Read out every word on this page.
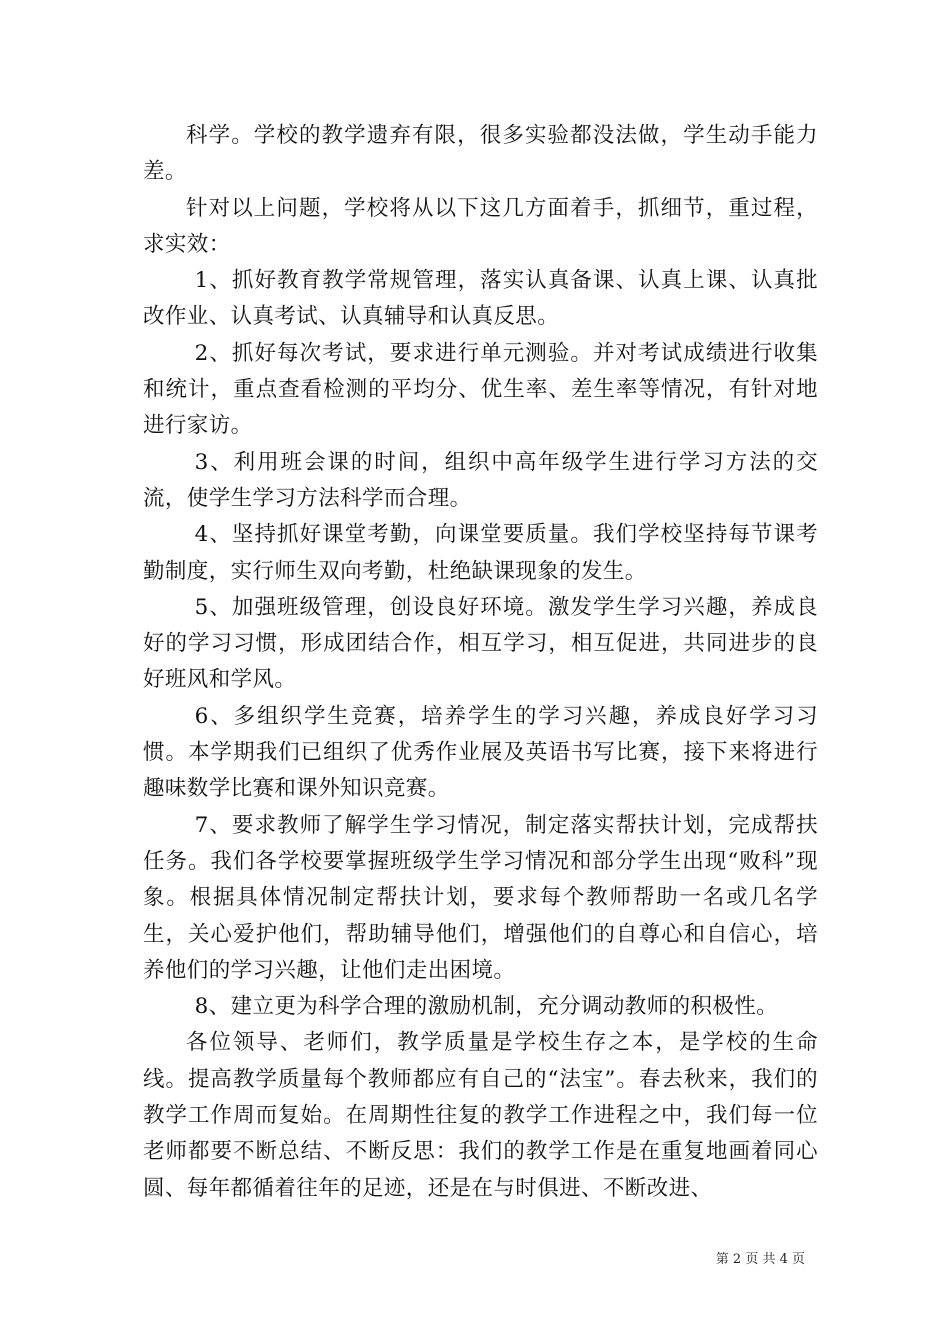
科学。学校的教学遗弃有限，很多实验都没法做，学生动手能力差。

针对以上问题，学校将从以下这几方面着手，抓细节，重过程，求实效：

1、抓好教育教学常规管理，落实认真备课、认真上课、认真批改作业、认真考试、认真辅导和认真反思。

2、抓好每次考试，要求进行单元测验。并对考试成绩进行收集和统计，重点查看检测的平均分、优生率、差生率等情况，有针对地进行家访。

3、利用班会课的时间，组织中高年级学生进行学习方法的交流，使学生学习方法科学而合理。

4、坚持抓好课堂考勤，向课堂要质量。我们学校坚持每节课考勤制度，实行师生双向考勤，杜绝缺课现象的发生。

5、加强班级管理，创设良好环境。激发学生学习兴趣，养成良好的学习习惯，形成团结合作，相互学习，相互促进，共同进步的良好班风和学风。

6、多组织学生竞赛，培养学生的学习兴趣，养成良好学习习惯。本学期我们已组织了优秀作业展及英语书写比赛，接下来将进行趣味数学比赛和课外知识竞赛。

7、要求教师了解学生学习情况，制定落实帮扶计划，完成帮扶任务。我们各学校要掌握班级学生学习情况和部分学生出现“败科”现象。根据具体情况制定帮扶计划，要求每个教师帮助一名或几名学生，关心爱护他们，帮助辅导他们，增强他们的自尊心和自信心，培养他们的学习兴趣，让他们走出困境。

8、建立更为科学合理的激励机制，充分调动教师的积极性。

各位领导、老师们，教学质量是学校生存之本，是学校的生命线。提高教学质量每个教师都应有自己的“法宝”。春去秋来，我们的教学工作周而复始。在周期性往复的教学工作进程之中，我们每一位老师都要不断总结、不断反思：我们的教学工作是在重复地画着同心圆、每年都循着往年的足迹，还是在与时俱进、不断改进、

第 2 页 共 4 页
